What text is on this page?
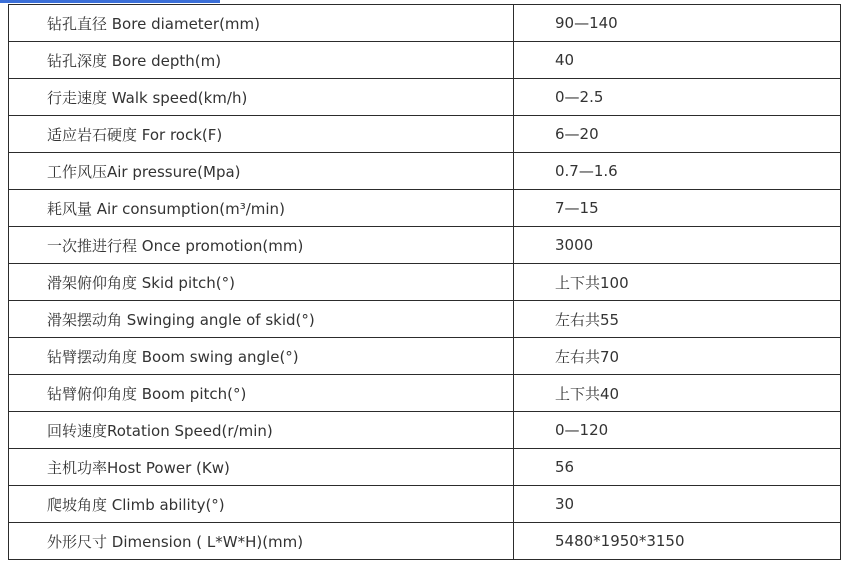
钻孔直径 Bore diameter(mm)	90—140
钻孔深度 Bore depth(m)	40
行走速度 Walk speed(km/h)	0—2.5
适应岩石硬度 For rock(F)	6—20
工作风压Air pressure(Mpa)	0.7—1.6
耗风量 Air consumption(m³/min)	7—15
一次推进行程 Once promotion(mm)	3000
滑架俯仰角度 Skid pitch(°)	上下共100
滑架摆动角 Swinging angle of skid(°)	左右共55
钻臂摆动角度 Boom swing angle(°)	左右共70
钻臂俯仰角度 Boom pitch(°)	上下共40
回转速度Rotation Speed(r/min)	0—120
主机功率Host Power (Kw)	56
爬坡角度 Climb ability(°)	30
外形尺寸 Dimension ( L*W*H)(mm)	5480*1950*3150
